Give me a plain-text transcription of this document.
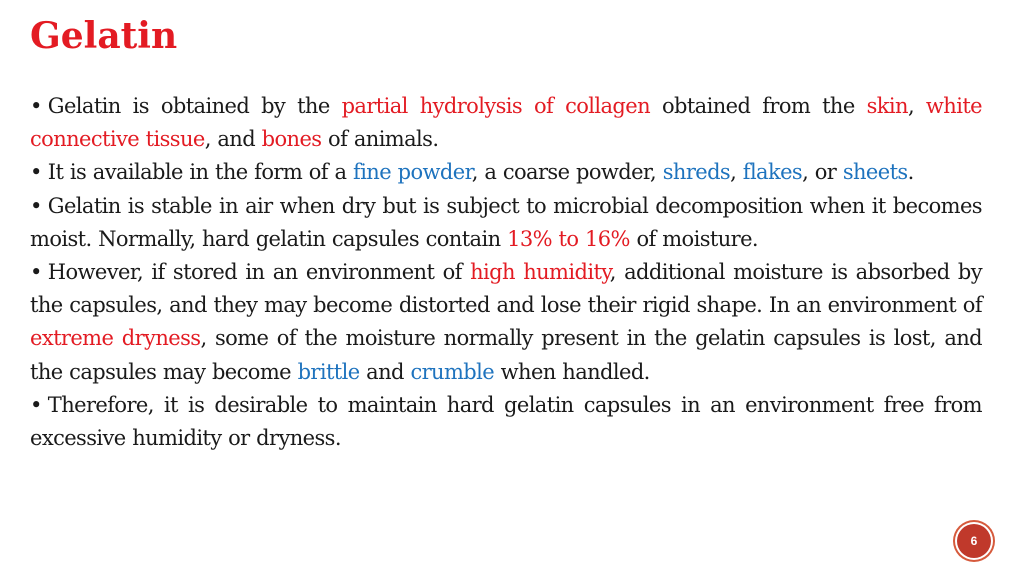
Gelatin

• Gelatin is obtained by the partial hydrolysis of collagen obtained from the skin, white connective tissue, and bones of animals.

• It is available in the form of a fine powder, a coarse powder, shreds, flakes, or sheets.

• Gelatin is stable in air when dry but is subject to microbial decomposition when it becomes moist. Normally, hard gelatin capsules contain 13% to 16% of moisture.

• However, if stored in an environment of high humidity, additional moisture is absorbed by the capsules, and they may become distorted and lose their rigid shape. In an environment of extreme dryness, some of the moisture normally present in the gelatin capsules is lost, and the capsules may become brittle and crumble when handled.

• Therefore, it is desirable to maintain hard gelatin capsules in an environment free from excessive humidity or dryness.

6
